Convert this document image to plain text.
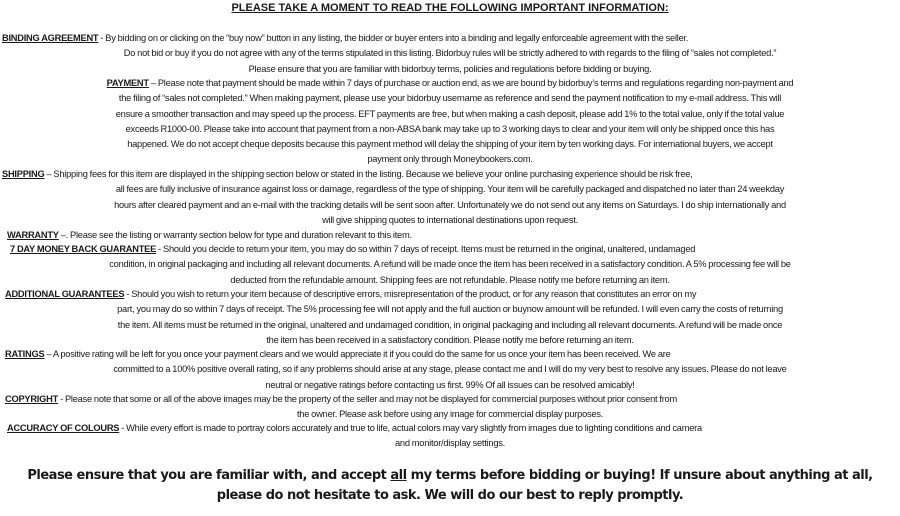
PLEASE TAKE A MOMENT TO READ THE FOLLOWING IMPORTANT INFORMATION:
BINDING AGREEMENT - By bidding on or clicking on the “buy now” button in any listing, the bidder or buyer enters into a binding and legally enforceable agreement with the seller.
Do not bid or buy if you do not agree with any of the terms stipulated in this listing. Bidorbuy rules will be strictly adhered to with regards to the filing of “sales not completed.”
Please ensure that you are familiar with bidorbuy terms, policies and regulations before bidding or buying.
PAYMENT – Please note that payment should be made within 7 days of purchase or auction end, as we are bound by bidorbuy’s terms and regulations regarding non-payment and
the filing of “sales not completed.” When making payment, please use your bidorbuy username as reference and send the payment notification to my e-mail address. This will
ensure a smoother transaction and may speed up the process. EFT payments are free, but when making a cash deposit, please add 1% to the total value, only if the total value
exceeds R1000-00. Please take into account that payment from a non-ABSA bank may take up to 3 working days to clear and your item will only be shipped once this has
happened. We do not accept cheque deposits because this payment method will delay the shipping of your item by ten working days. For international buyers, we accept
payment only through Moneybookers.com.
SHIPPING – Shipping fees for this item are displayed in the shipping section below or stated in the listing. Because we believe your online purchasing experience should be risk free,
all fees are fully inclusive of insurance against loss or damage, regardless of the type of shipping. Your item will be carefully packaged and dispatched no later than 24 weekday
hours after cleared payment and an e-mail with the tracking details will be sent soon after. Unfortunately we do not send out any items on Saturdays. I do ship internationally and
will give shipping quotes to international destinations upon request.
WARRANTY –. Please see the listing or warranty section below for type and duration relevant to this item.
7 DAY MONEY BACK GUARANTEE - Should you decide to return your item, you may do so within 7 days of receipt. Items must be returned in the original, unaltered, undamaged
condition, in original packaging and including all relevant documents. A refund will be made once the item has been received in a satisfactory condition. A 5% processing fee will be
deducted from the refundable amount. Shipping fees are not refundable. Please notify me before returning an item.
ADDITIONAL GUARANTEES - Should you wish to return your item because of descriptive errors, misrepresentation of the product, or for any reason that constitutes an error on my
part, you may do so within 7 days of receipt. The 5% processing fee will not apply and the full auction or buynow amount will be refunded. I will even carry the costs of returning
the item. All items must be returned in the original, unaltered and undamaged condition, in original packaging and including all relevant documents. A refund will be made once
the item has been received in a satisfactory condition. Please notify me before returning an item.
RATINGS – A positive rating will be left for you once your payment clears and we would appreciate it if you could do the same for us once your item has been received. We are
committed to a 100% positive overall rating, so if any problems should arise at any stage, please contact me and I will do my very best to resolve any issues. Please do not leave
neutral or negative ratings before contacting us first. 99% Of all issues can be resolved amicably!
COPYRIGHT - Please note that some or all of the above images may be the property of the seller and may not be displayed for commercial purposes without prior consent from
the owner. Please ask before using any image for commercial display purposes.
ACCURACY OF COLOURS - While every effort is made to portray colors accurately and true to life, actual colors may vary slightly from images due to lighting conditions and camera
and monitor/display settings.
Please ensure that you are familiar with, and accept all my terms before bidding or buying! If unsure about anything at all,
please do not hesitate to ask. We will do our best to reply promptly.
